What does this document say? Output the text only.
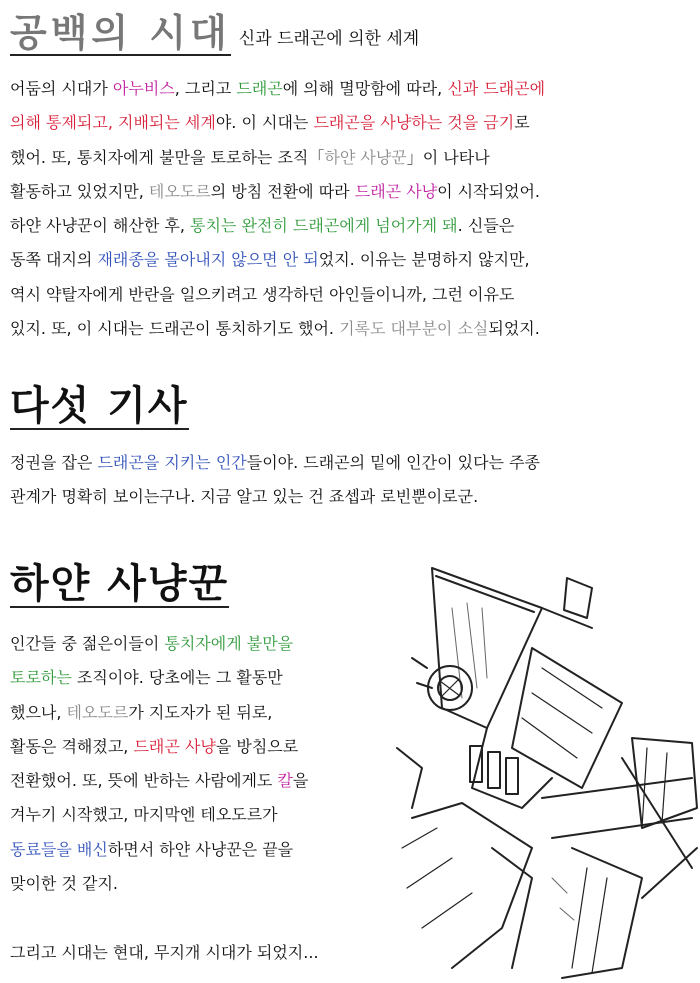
공백의 시대 신과 드래곤에 의한 세계

어둠의 시대가 아누비스, 그리고 드래곤에 의해 멸망함에 따라, 신과 드래곤에
의해 통제되고, 지배되는 세계야. 이 시대는 드래곤을 사냥하는 것을 금기로
했어. 또, 통치자에게 불만을 토로하는 조직「하얀 사냥꾼」이 나타나
활동하고 있었지만, 테오도르의 방침 전환에 따라 드래곤 사냥이 시작되었어.
하얀 사냥꾼이 해산한 후, 통치는 완전히 드래곤에게 넘어가게 돼. 신들은
동쪽 대지의 재래종을 몰아내지 않으면 안 되었지. 이유는 분명하지 않지만,
역시 약탈자에게 반란을 일으키려고 생각하던 아인들이니까, 그런 이유도
있지. 또, 이 시대는 드래곤이 통치하기도 했어. 기록도 대부분이 소실되었지.

다섯 기사

정권을 잡은 드래곤을 지키는 인간들이야. 드래곤의 밑에 인간이 있다는 주종
관계가 명확히 보이는구나. 지금 알고 있는 건 죠셉과 로빈뿐이로군.

하얀 사냥꾼

인간들 중 젊은이들이 통치자에게 불만을
토로하는 조직이야. 당초에는 그 활동만
했으나, 테오도르가 지도자가 된 뒤로,
활동은 격해졌고, 드래곤 사냥을 방침으로
전환했어. 또, 뜻에 반하는 사람에게도 칼을
겨누기 시작했고, 마지막엔 테오도르가
동료들을 배신하면서 하얀 사냥꾼은 끝을
맞이한 것 같지.

그리고 시대는 현대, 무지개 시대가 되었지...
